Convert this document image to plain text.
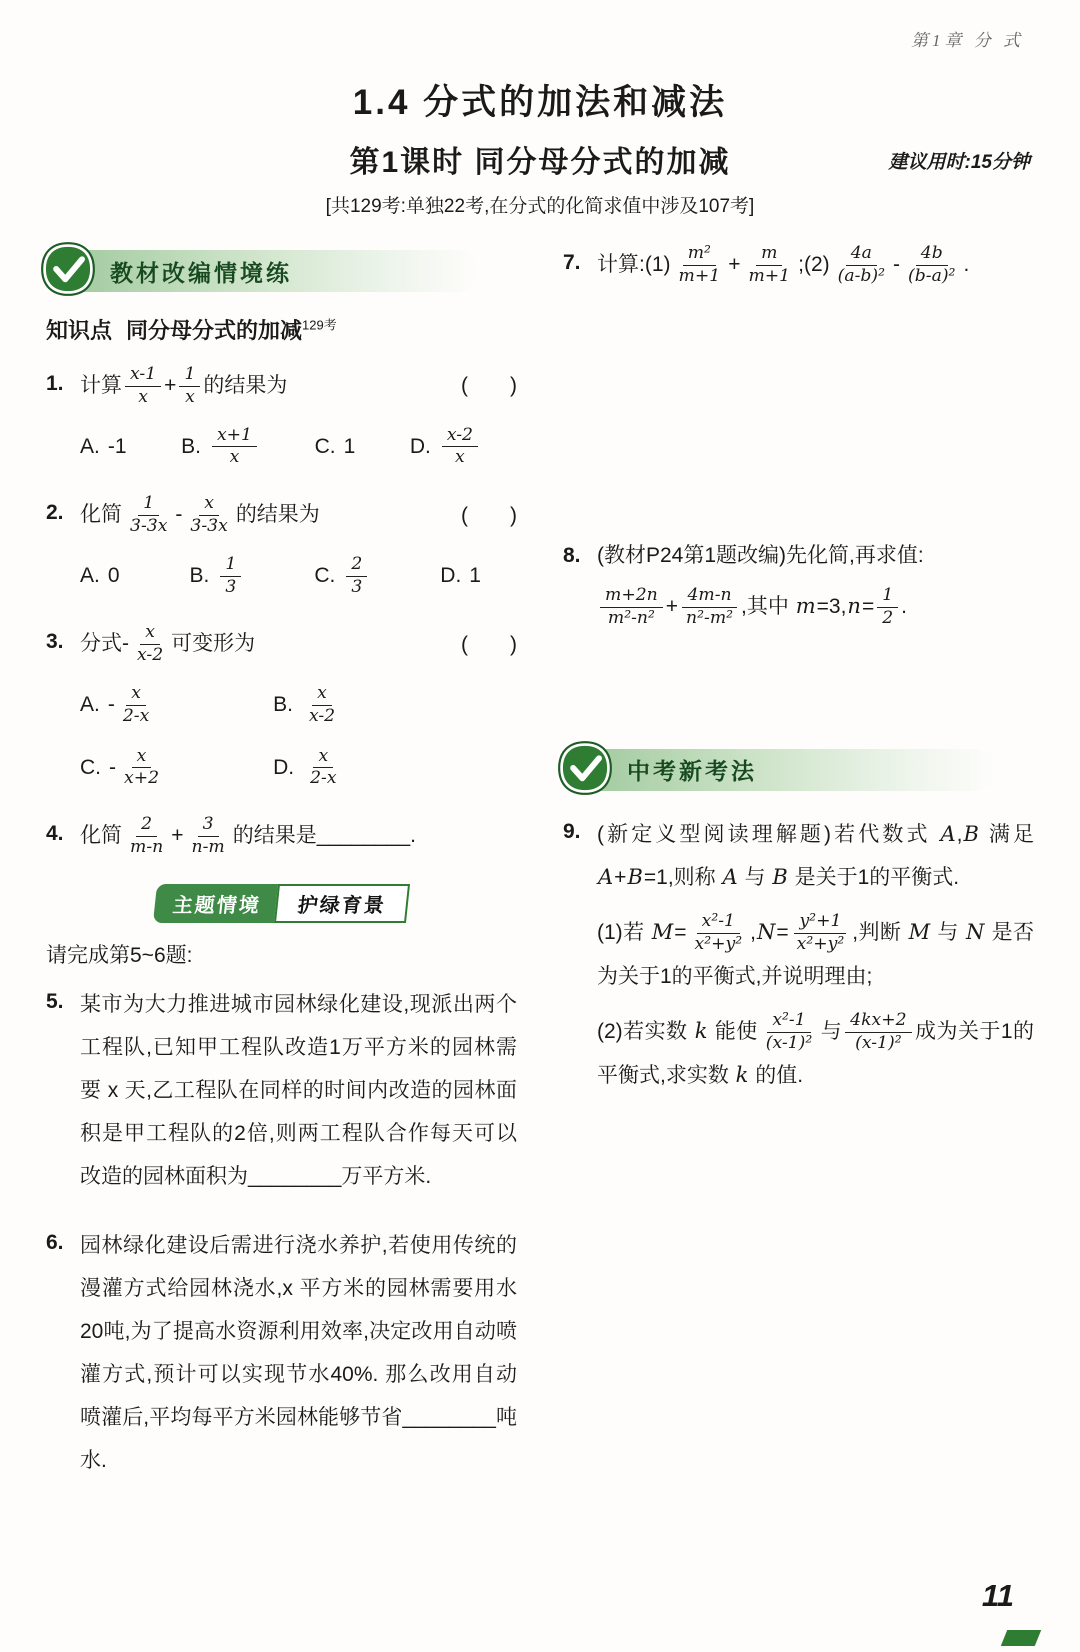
第1章 分 式
1.4 分式的加法和减法
第1课时 同分母分式的加减	建议用时:15分钟
[共129考:单独22考,在分式的化简求值中涉及107考]
教材改编情境练
知识点 同分母分式的加减$^{129考}$
1. 计算 $\frac{x-1}{x} + \frac{1}{x}$ 的结果为	(　　)
A. -1	B. $\frac{x+1}{x}$	C. 1	D. $\frac{x-2}{x}$
2. 化简 $\frac{1}{3-3x} - \frac{x}{3-3x}$ 的结果为	(　　)
A. 0	B. $\frac{1}{3}$	C. $\frac{2}{3}$	D. 1
3. 分式- $\frac{x}{x-2}$ 可变形为	(　　)
A. - $\frac{x}{2-x}$	B. $\frac{x}{x-2}$
C. - $\frac{x}{x+2}$	D. $\frac{x}{2-x}$
4. 化简 $\frac{2}{m-n} + \frac{3}{n-m}$ 的结果是________.
主题情境	护绿育景
请完成第5~6题:
5. 某市为大力推进城市园林绿化建设,现派出两个工程队,已知甲工程队改造1万平方米的园林需要 x 天,乙工程队在同样的时间内改造的园林面积是甲工程队的2倍,则两工程队合作每天可以改造的园林面积为________万平方米.
6. 园林绿化建设后需进行浇水养护,若使用传统的漫灌方式给园林浇水,x 平方米的园林需要用水20吨,为了提高水资源利用效率,决定改用自动喷灌方式,预计可以实现节水40%. 那么改用自动喷灌后,平均每平方米园林能够节省________吨水.
7. 计算:(1) $\frac{\text{m²}}{m+1} + \frac{m}{m+1}$ ;(2) $\frac{4a}{\text{(a-b)²}} - \frac{4b}{\text{(b-a)²}}$ .
8. (教材P24第1题改编)先化简,再求值:
$\frac{m+2n}{\text{m²-n²}} + \frac{4m-n}{\text{n²-m²}}$ ,其中 $m=3,n= \frac{1}{2}$ .
中考新考法
9. (新定义型阅读理解题)若代数式 A,B 满足 A+B=1,则称 A 与 B 是关于1的平衡式.
(1)若 $M= \frac{\text{x²-1}}{\text{x²+y²}} ,N= \frac{\text{y²+1}}{\text{x²+y²}}$ ,判断 M 与 N 是否为关于1的平衡式,并说明理由;
(2)若实数 k 能使 $\frac{\text{x²-1}}{\text{(x-1)²}}$ 与 $\frac{4kx+2}{\text{(x-1)²}}$ 成为关于1的平衡式,求实数 k 的值.
11
